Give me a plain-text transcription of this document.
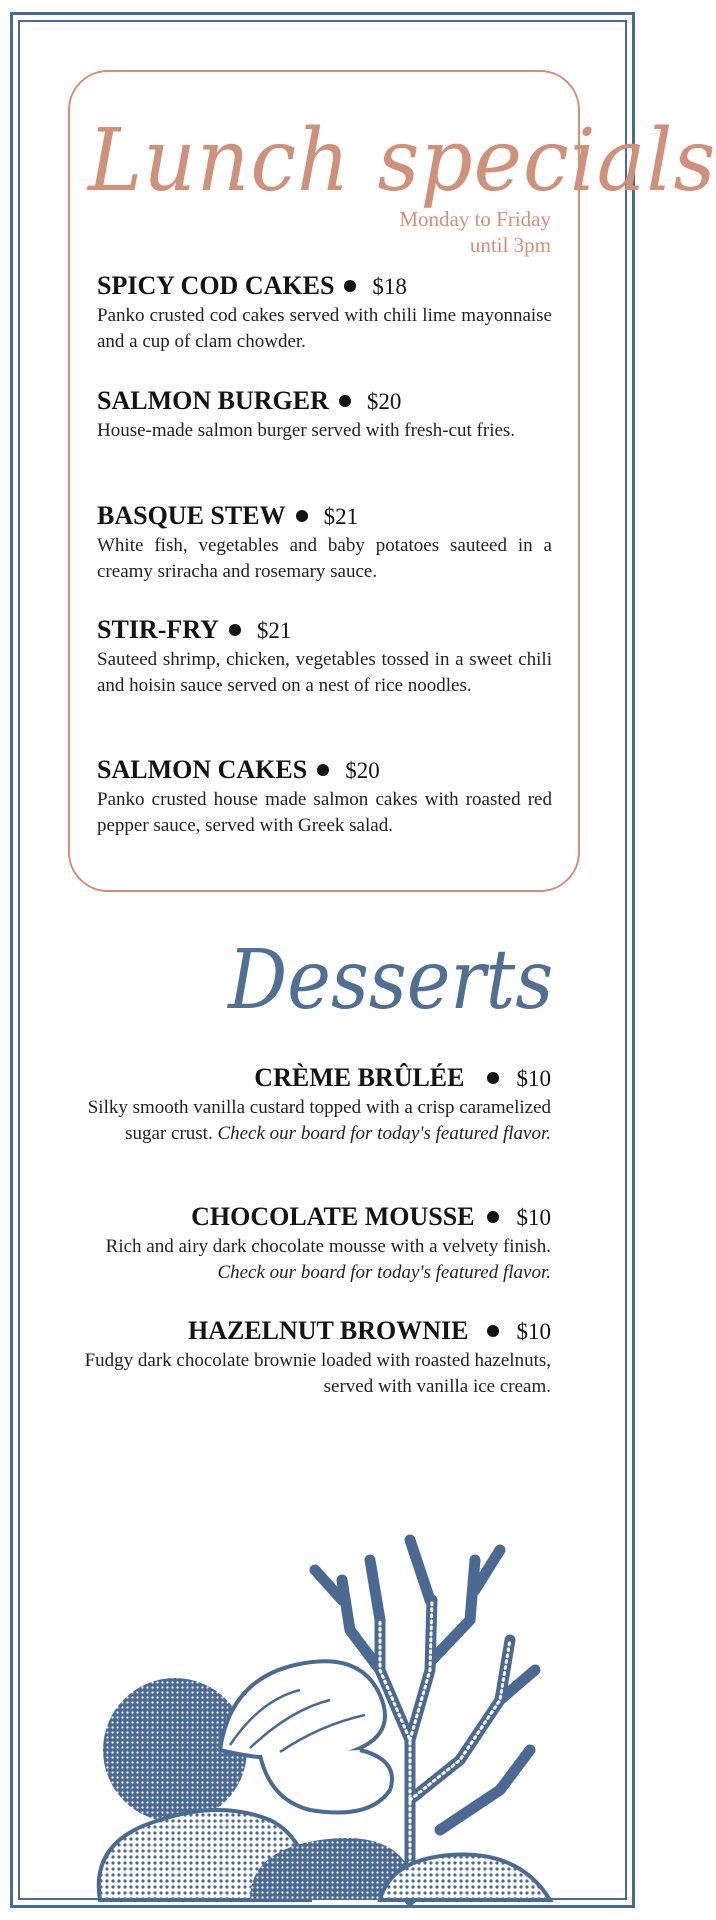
Lunch specials
Monday to Friday
until 3pm
SPICY COD CAKES $18
Panko crusted cod cakes served with chili lime mayonnaise and a cup of clam chowder.
SALMON BURGER $20
House-made salmon burger served with fresh-cut fries.
BASQUE STEW $21
White fish, vegetables and baby potatoes sauteed in a creamy sriracha and rosemary sauce.
STIR-FRY $21
Sauteed shrimp, chicken, vegetables tossed in a sweet chili and hoisin sauce served on a nest of rice noodles.
SALMON CAKES $20
Panko crusted house made salmon cakes with roasted red pepper sauce, served with Greek salad.
Desserts
CRÈME BRÛLÉE $10
Silky smooth vanilla custard topped with a crisp caramelized sugar crust. Check our board for today's featured flavor.
CHOCOLATE MOUSSE $10
Rich and airy dark chocolate mousse with a velvety finish. Check our board for today's featured flavor.
HAZELNUT BROWNIE $10
Fudgy dark chocolate brownie loaded with roasted hazelnuts, served with vanilla ice cream.
